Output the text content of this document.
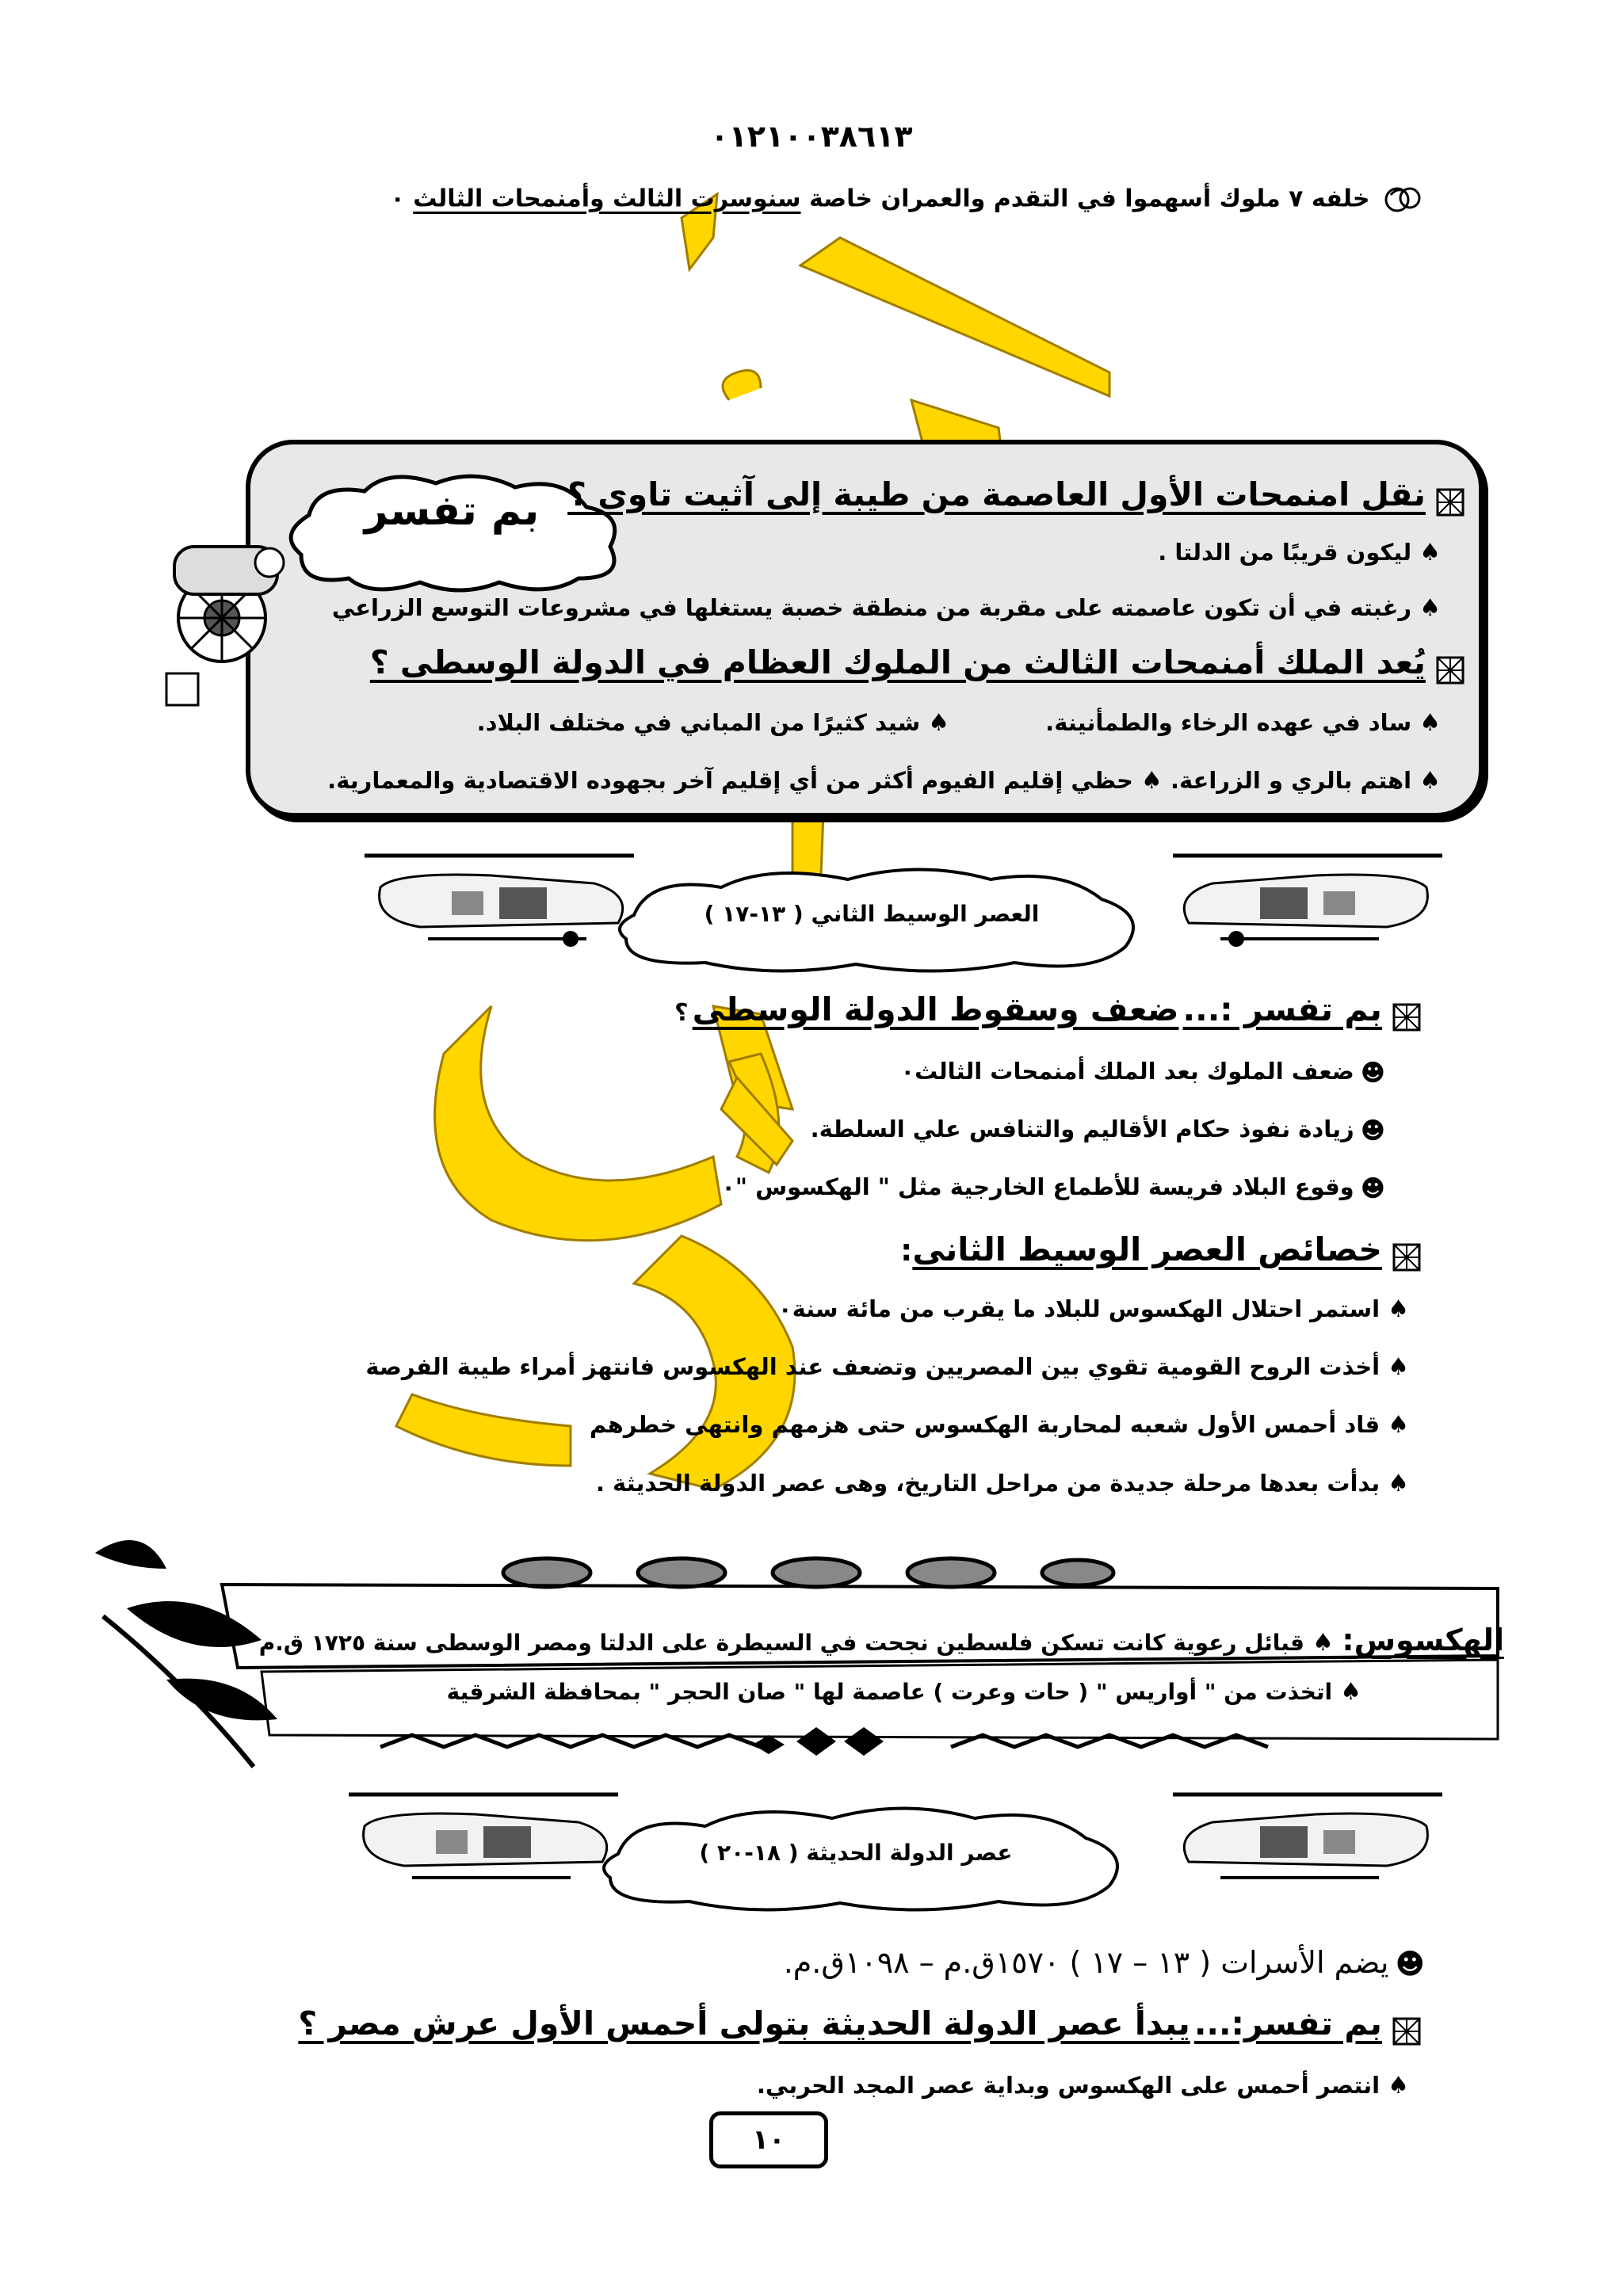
٠١٢١٠٠٣٨٦١٣
خلفه ٧ ملوك أسهموا في التقدم والعمران خاصة سنوسرت الثالث وأمنمحات الثالث ٠
بم تفسر نقل امنمحات الأول العاصمة من طيبة إلى آثيت تاوى ؟
♠ليكون قريبًا من الدلتا .
♠رغبته في أن تكون عاصمته على مقربة من منطقة خصبة يستغلها في مشروعات التوسع الزراعي
يُعد الملك أمنمحات الثالث من الملوك العظام في الدولة الوسطى ؟
♠ساد في عهده الرخاء والطمأنينة.
♠شيد كثيرًا من المباني في مختلف البلاد.
♠اهتم بالري و الزراعة. ♠حظي إقليم الفيوم أكثر من أي إقليم آخر بجهوده الاقتصادية والمعمارية.
العصر الوسيط الثاني ( ١٣-١٧ )
بم تفسر :... ضعف وسقوط الدولة الوسطى ؟
☻ضعف الملوك بعد الملك أمنمحات الثالث٠
☻زيادة نفوذ حكام الأقاليم والتنافس علي السلطة.
☻وقوع البلاد فريسة للأطماع الخارجية مثل " الهكسوس "٠
خصائص العصر الوسيط الثانى:
♠استمر احتلال الهكسوس للبلاد ما يقرب من مائة سنة٠
♠أخذت الروح القومية تقوي بين المصريين وتضعف عند الهكسوس فانتهز أمراء طيبة الفرصة
♠قاد أحمس الأول شعبه لمحاربة الهكسوس حتى هزمهم وانتهى خطرهم
♠بدأت بعدها مرحلة جديدة من مراحل التاريخ، وهى عصر الدولة الحديثة .
الهكسوس: ♠قبائل رعوية كانت تسكن فلسطين نجحت في السيطرة على الدلتا ومصر الوسطى سنة ١٧٢٥ ق.م
♠اتخذت من " أواريس " ( حات وعرت ) عاصمة لها " صان الحجر " بمحافظة الشرقية
عصر الدولة الحديثة ( ١٨-٢٠ )
☻يضم الأسرات ( ١٣ – ١٧ ) ١٥٧٠ق.م – ١٠٩٨ق.م.
بم تفسر:... يبدأ عصر الدولة الحديثة بتولى أحمس الأول عرش مصر ؟
♠انتصر أحمس على الهكسوس وبداية عصر المجد الحربي.
١٠
